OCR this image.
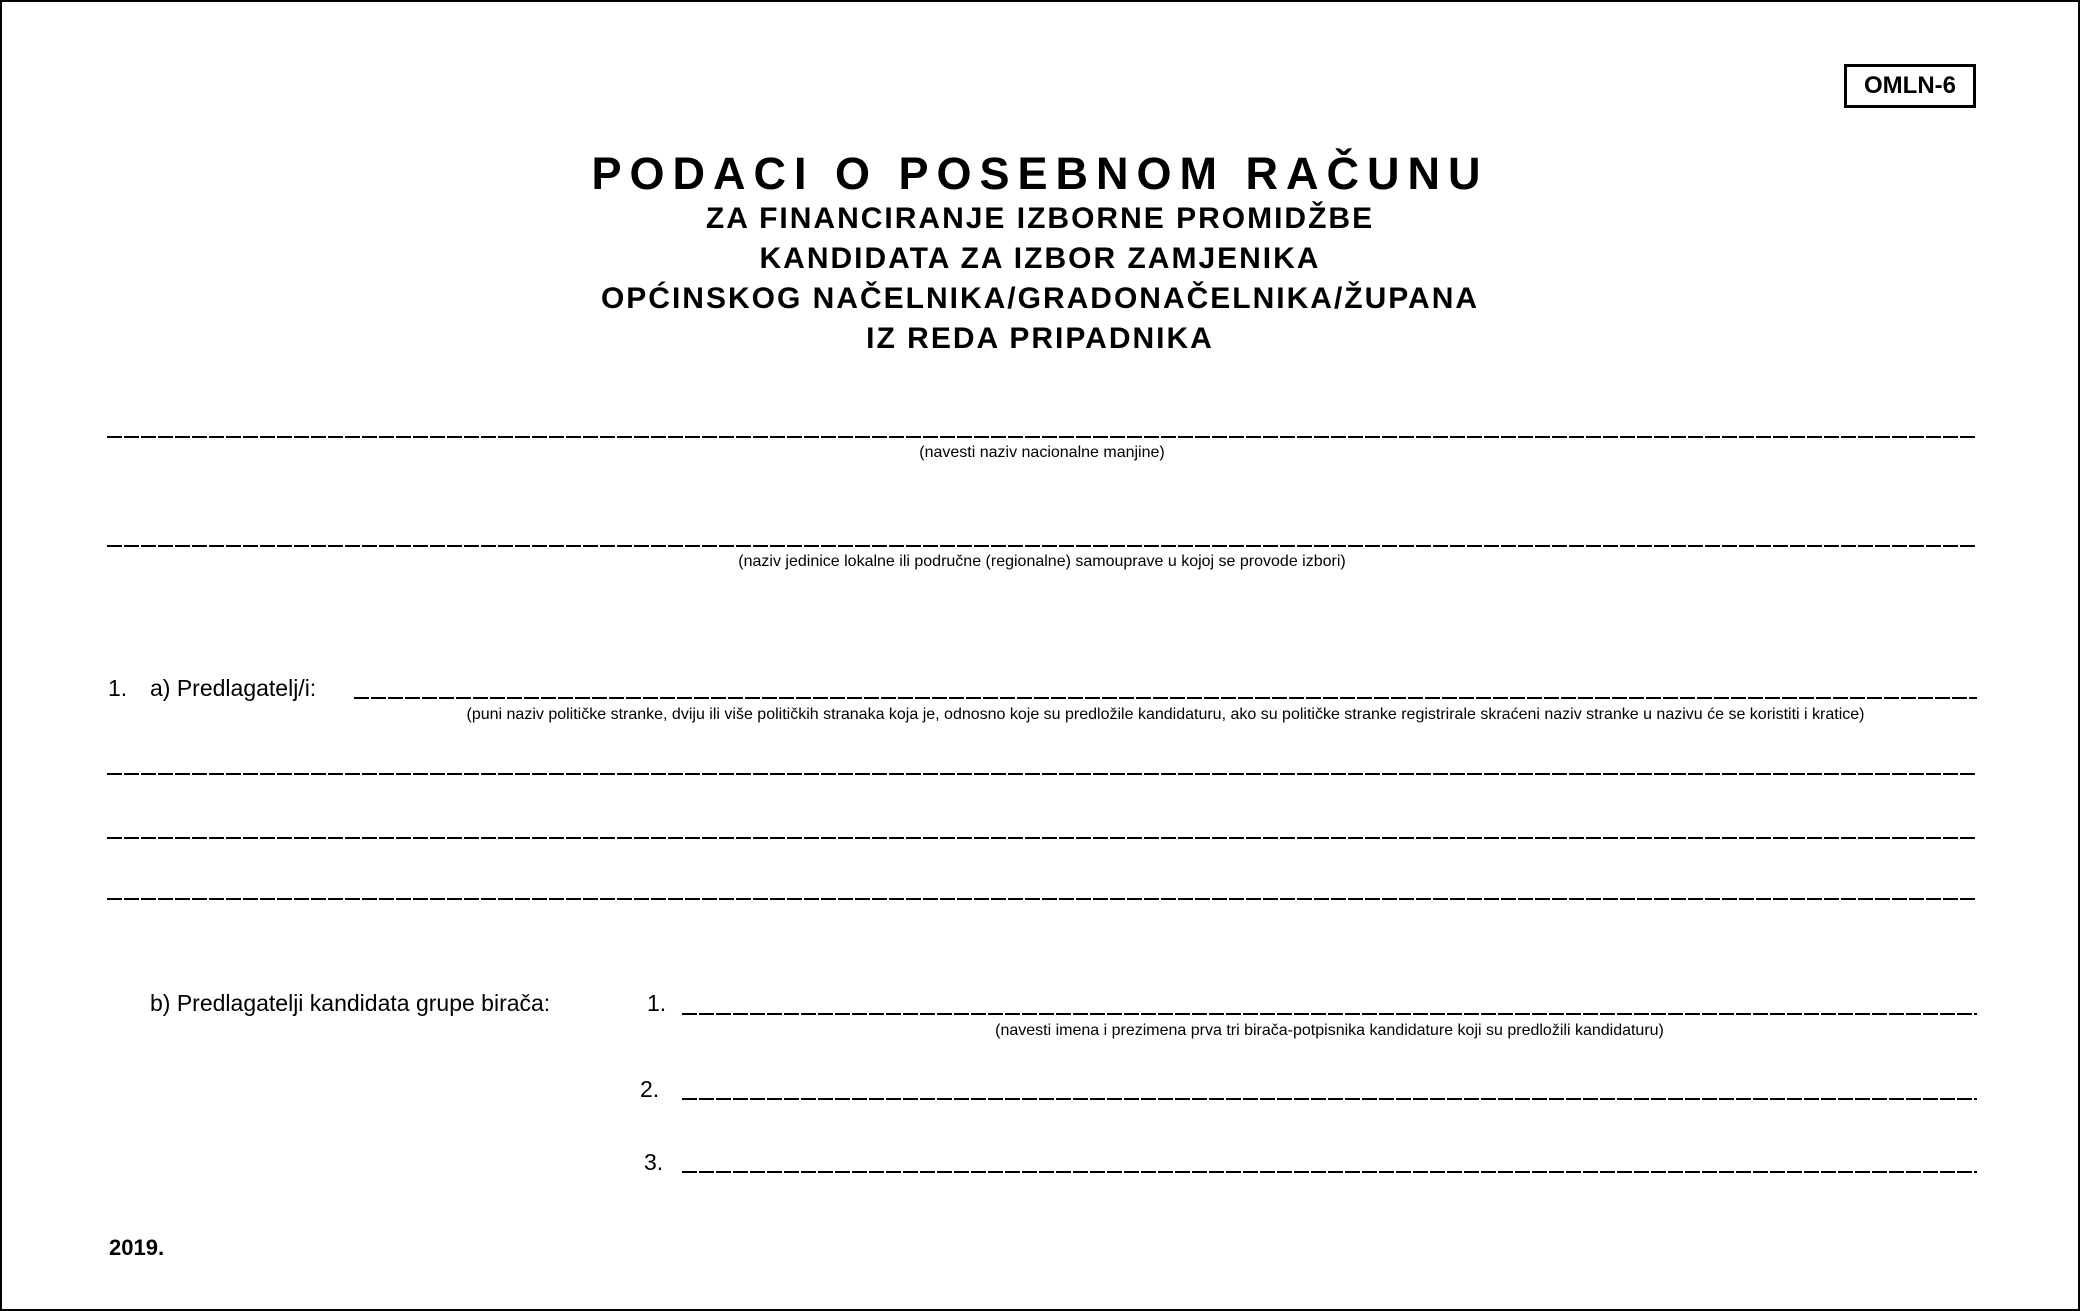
OMLN-6
PODACI O POSEBNOM RAČUNU
ZA FINANCIRANJE IZBORNE PROMIDŽBE
KANDIDATA ZA IZBOR ZAMJENIKA
OPĆINSKOG NAČELNIKA/GRADONAČELNIKA/ŽUPANA
IZ REDA PRIPADNIKA
(navesti naziv nacionalne manjine)
(naziv jedinice lokalne ili područne (regionalne) samouprave u kojoj se provode izbori)
1. a) Predlagatelj/i:
(puni naziv političke stranke, dviju ili više političkih stranaka koja je, odnosno koje su predložile kandidaturu, ako su političke stranke registrirale skraćeni naziv stranke u nazivu će se koristiti i kratice)
b) Predlagatelji kandidata grupe birača:	1.
(navesti imena i prezimena prva tri birača-potpisnika kandidature koji su predložili kandidaturu)
2.
3.
2019.
